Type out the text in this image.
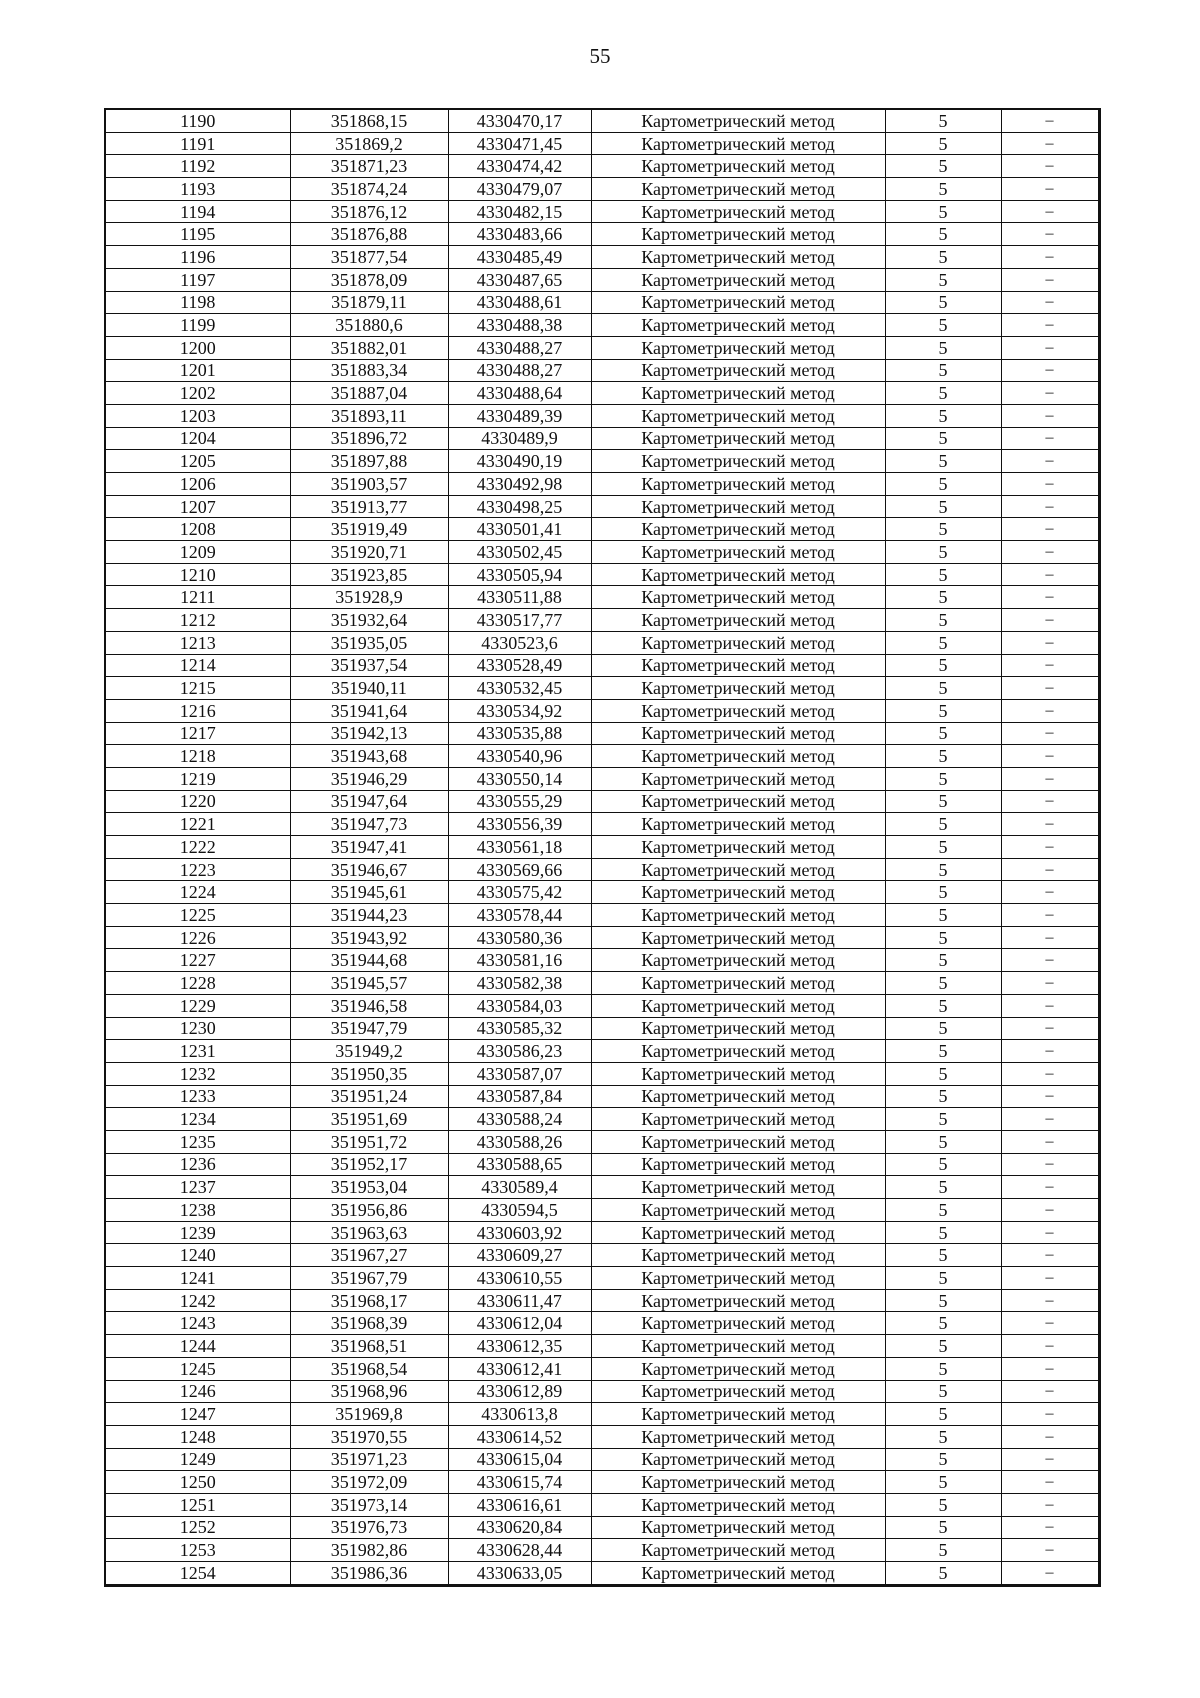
55
1190	351868,15	4330470,17	Картометрический метод	5	–
1191	351869,2	4330471,45	Картометрический метод	5	–
1192	351871,23	4330474,42	Картометрический метод	5	–
1193	351874,24	4330479,07	Картометрический метод	5	–
1194	351876,12	4330482,15	Картометрический метод	5	–
1195	351876,88	4330483,66	Картометрический метод	5	–
1196	351877,54	4330485,49	Картометрический метод	5	–
1197	351878,09	4330487,65	Картометрический метод	5	–
1198	351879,11	4330488,61	Картометрический метод	5	–
1199	351880,6	4330488,38	Картометрический метод	5	–
1200	351882,01	4330488,27	Картометрический метод	5	–
1201	351883,34	4330488,27	Картометрический метод	5	–
1202	351887,04	4330488,64	Картометрический метод	5	–
1203	351893,11	4330489,39	Картометрический метод	5	–
1204	351896,72	4330489,9	Картометрический метод	5	–
1205	351897,88	4330490,19	Картометрический метод	5	–
1206	351903,57	4330492,98	Картометрический метод	5	–
1207	351913,77	4330498,25	Картометрический метод	5	–
1208	351919,49	4330501,41	Картометрический метод	5	–
1209	351920,71	4330502,45	Картометрический метод	5	–
1210	351923,85	4330505,94	Картометрический метод	5	–
1211	351928,9	4330511,88	Картометрический метод	5	–
1212	351932,64	4330517,77	Картометрический метод	5	–
1213	351935,05	4330523,6	Картометрический метод	5	–
1214	351937,54	4330528,49	Картометрический метод	5	–
1215	351940,11	4330532,45	Картометрический метод	5	–
1216	351941,64	4330534,92	Картометрический метод	5	–
1217	351942,13	4330535,88	Картометрический метод	5	–
1218	351943,68	4330540,96	Картометрический метод	5	–
1219	351946,29	4330550,14	Картометрический метод	5	–
1220	351947,64	4330555,29	Картометрический метод	5	–
1221	351947,73	4330556,39	Картометрический метод	5	–
1222	351947,41	4330561,18	Картометрический метод	5	–
1223	351946,67	4330569,66	Картометрический метод	5	–
1224	351945,61	4330575,42	Картометрический метод	5	–
1225	351944,23	4330578,44	Картометрический метод	5	–
1226	351943,92	4330580,36	Картометрический метод	5	–
1227	351944,68	4330581,16	Картометрический метод	5	–
1228	351945,57	4330582,38	Картометрический метод	5	–
1229	351946,58	4330584,03	Картометрический метод	5	–
1230	351947,79	4330585,32	Картометрический метод	5	–
1231	351949,2	4330586,23	Картометрический метод	5	–
1232	351950,35	4330587,07	Картометрический метод	5	–
1233	351951,24	4330587,84	Картометрический метод	5	–
1234	351951,69	4330588,24	Картометрический метод	5	–
1235	351951,72	4330588,26	Картометрический метод	5	–
1236	351952,17	4330588,65	Картометрический метод	5	–
1237	351953,04	4330589,4	Картометрический метод	5	–
1238	351956,86	4330594,5	Картометрический метод	5	–
1239	351963,63	4330603,92	Картометрический метод	5	–
1240	351967,27	4330609,27	Картометрический метод	5	–
1241	351967,79	4330610,55	Картометрический метод	5	–
1242	351968,17	4330611,47	Картометрический метод	5	–
1243	351968,39	4330612,04	Картометрический метод	5	–
1244	351968,51	4330612,35	Картометрический метод	5	–
1245	351968,54	4330612,41	Картометрический метод	5	–
1246	351968,96	4330612,89	Картометрический метод	5	–
1247	351969,8	4330613,8	Картометрический метод	5	–
1248	351970,55	4330614,52	Картометрический метод	5	–
1249	351971,23	4330615,04	Картометрический метод	5	–
1250	351972,09	4330615,74	Картометрический метод	5	–
1251	351973,14	4330616,61	Картометрический метод	5	–
1252	351976,73	4330620,84	Картометрический метод	5	–
1253	351982,86	4330628,44	Картометрический метод	5	–
1254	351986,36	4330633,05	Картометрический метод	5	–
